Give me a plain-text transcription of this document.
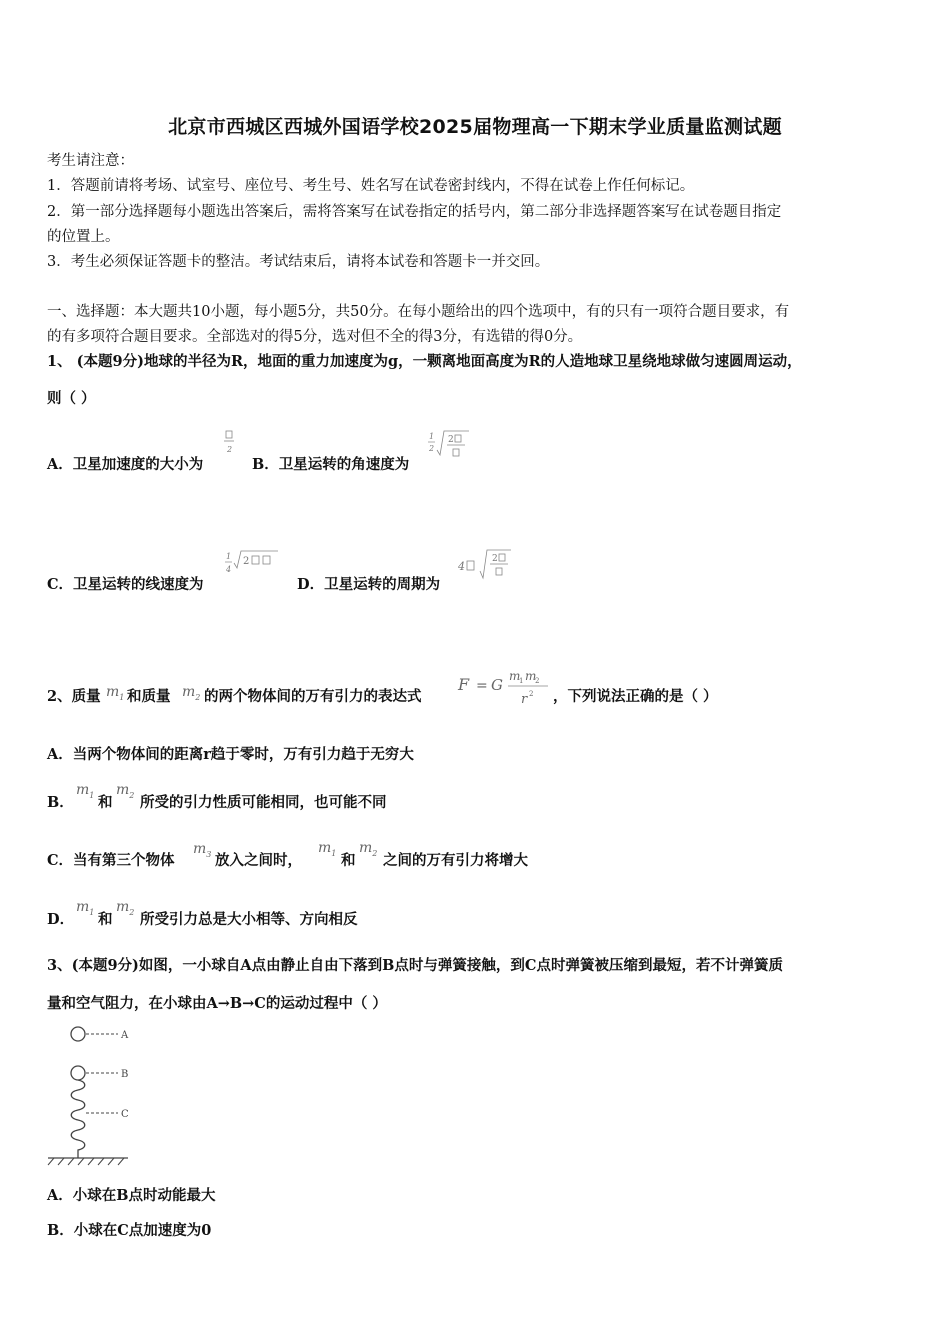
北京市西城区西城外国语学校2025届物理高一下期末学业质量监测试题
考生请注意：
1．答题前请将考场、试室号、座位号、考生号、姓名写在试卷密封线内，不得在试卷上作任何标记。
2．第一部分选择题每小题选出答案后，需将答案写在试卷指定的括号内，第二部分非选择题答案写在试卷题目指定
的位置上。
3．考生必须保证答题卡的整洁。考试结束后，请将本试卷和答题卡一并交回。
一、选择题：本大题共10小题，每小题5分，共50分。在每小题给出的四个选项中，有的只有一项符合题目要求，有
的有多项符合题目要求。全部选对的得5分，选对但不全的得3分，有选错的得0分。
1、 (本题9分)地球的半径为R，地面的重力加速度为g，一颗离地面高度为R的人造地球卫星绕地球做匀速圆周运动，
则（ ）
A．卫星加速度的大小为
2
B．卫星运转的角速度为
1
2
2
C．卫星运转的线速度为
1
4
2
D．卫星运转的周期为
4
2
2、质量 $m_1$ 和质量 $m_2$ 的两个物体间的万有引力的表达式
F = G m
1 m
2
r 2 ，下列说法正确的是（ ）
A．当两个物体间的距离r趋于零时，万有引力趋于无穷大
B．
$m_1$ 和
$m_2$ 所受的引力性质可能相同，也可能不同
C．当有第三个物体
$m_3$ 放入之间时，
$m_1$ 和
$m_2$ 之间的万有引力将增大
D．
$m_1$ 和
$m_2$ 所受引力总是大小相等、方向相反
3、(本题9分)如图，一小球自A点由静止自由下落到B点时与弹簧接触，到C点时弹簧被压缩到最短，若不计弹簧质
量和空气阻力，在小球由A→B→C的运动过程中（ ）
A
B
C
A．小球在B点时动能最大
B．小球在C点加速度为0
